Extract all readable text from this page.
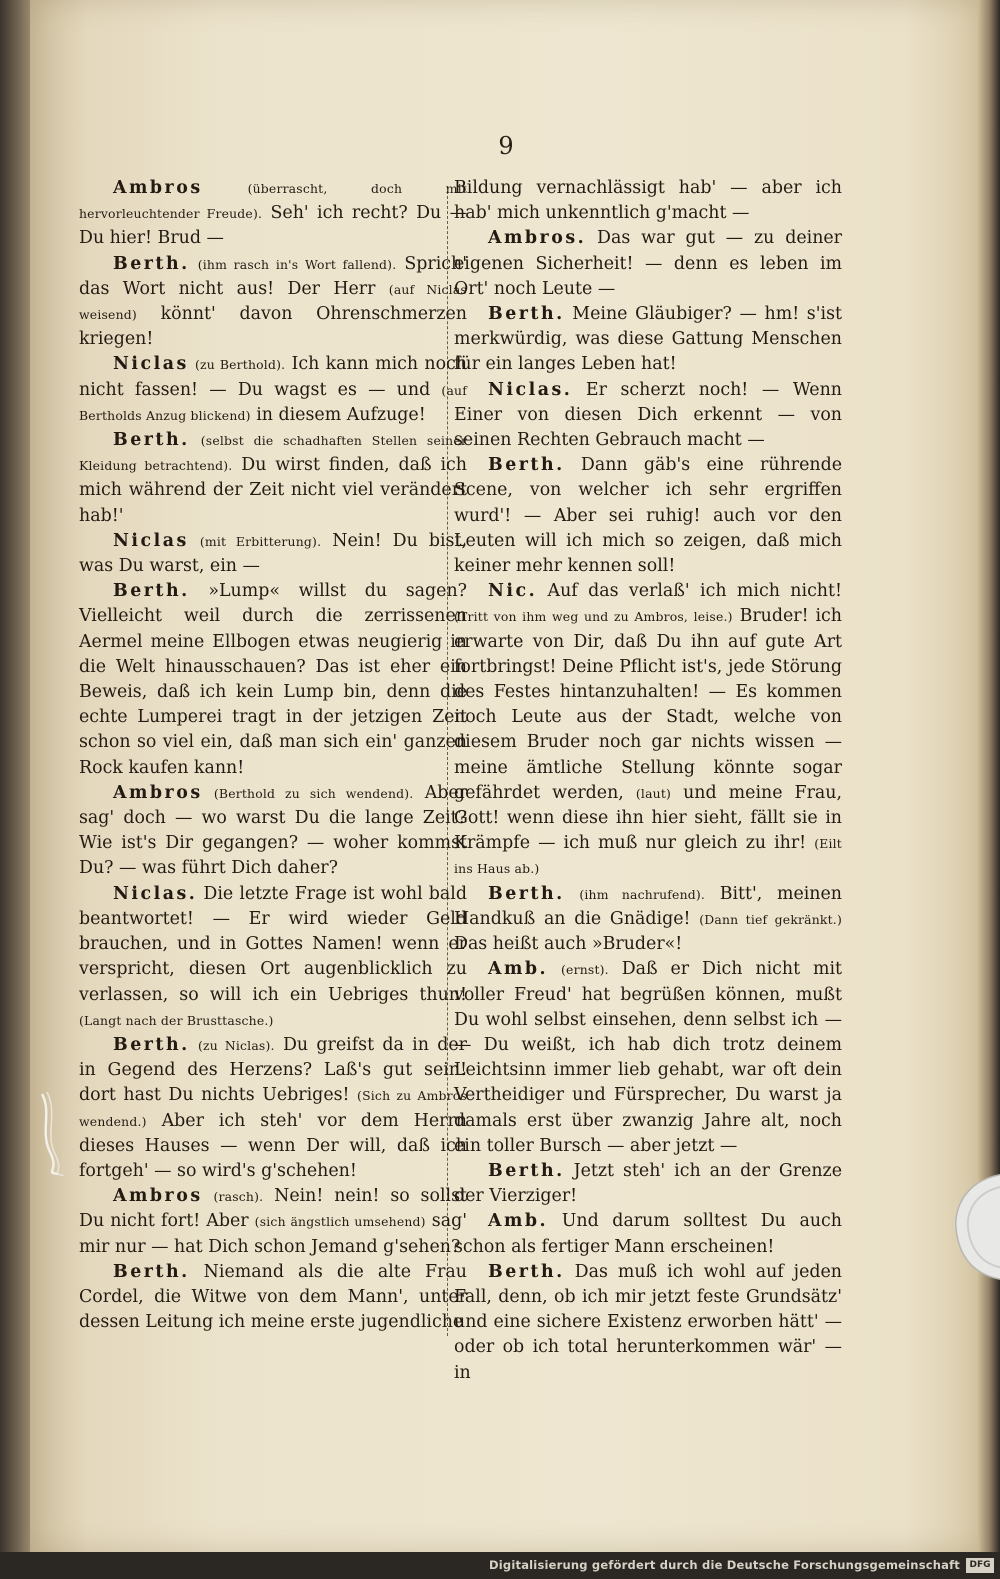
9

Ambros	(überrascht, doch mit hervorleuchtender Freude). Seh' ich recht? Du — Du hier! Brud —

Berth. (ihm rasch in's Wort fallend). Sprich' das Wort nicht aus! Der Herr (auf Niclas weisend) könnt' davon Ohrenschmerzen kriegen!

Niclas (zu Berthold). Ich kann mich noch nicht fassen! — Du wagst es — und (auf Bertholds Anzug blickend) in diesem Aufzuge!

Berth. (selbst die schadhaften Stellen seiner Kleidung betrachtend). Du wirst finden, daß ich mich während der Zeit nicht viel verändert hab!'

Niclas (mit Erbitterung). Nein! Du bist, was Du warst, ein —

Berth. »Lump« willst du sagen? Vielleicht weil durch die zerrissenen Aermel meine Ellbogen etwas neugierig in die Welt hinausschauen? Das ist eher ein Beweis, daß ich kein Lump bin, denn die echte Lumperei tragt in der jetzigen Zeit schon so viel ein, daß man sich ein' ganzen Rock kaufen kann!

Ambros (Berthold zu sich wendend). Aber sag' doch — wo warst Du die lange Zeit? Wie ist's Dir gegangen? — woher kommst Du? — was führt Dich daher?

Niclas. Die letzte Frage ist wohl bald beantwortet! — Er wird wieder Geld brauchen, und in Gottes Namen! wenn er verspricht, diesen Ort augenblicklich zu verlassen, so will ich ein Uebriges thun! (Langt nach der Brusttasche.)

Berth. (zu Niclas). Du greifst da in der in Gegend des Herzens? Laß's gut sein! dort hast Du nichts Uebriges! (Sich zu Ambros wendend.) Aber ich steh' vor dem Herrn dieses Hauses — wenn Der will, daß ich fortgeh' — so wird's g'schehen!

Ambros (rasch). Nein! nein! so sollst Du nicht fort! Aber (sich ängstlich umsehend) sag' mir nur — hat Dich schon Jemand g'sehen?

Berth. Niemand als die alte Frau Cordel, die Witwe von dem Mann', unter dessen Leitung ich meine erste jugendliche

Bildung vernachlässigt hab' — aber ich hab' mich unkenntlich g'macht —

Ambros. Das war gut — zu deiner eigenen Sicherheit! — denn es leben im Ort' noch Leute —

Berth. Meine Gläubiger? — hm! s'ist merkwürdig, was diese Gattung Menschen für ein langes Leben hat!

Niclas. Er scherzt noch! — Wenn Einer von diesen Dich erkennt — von seinen Rechten Gebrauch macht —

Berth. Dann gäb's eine rührende Scene, von welcher ich sehr ergriffen wurd'! — Aber sei ruhig! auch vor den Leuten will ich mich so zeigen, daß mich keiner mehr kennen soll!

Nic. Auf das verlaß' ich mich nicht! (Tritt von ihm weg und zu Ambros, leise.) Bruder! ich erwarte von Dir, daß Du ihn auf gute Art fortbringst! Deine Pflicht ist's, jede Störung des Festes hintanzuhalten! — Es kommen noch Leute aus der Stadt, welche von diesem Bruder noch gar nichts wissen — meine ämtliche Stellung könnte sogar gefährdet werden, (laut) und meine Frau, Gott! wenn diese ihn hier sieht, fällt sie in Krämpfe — ich muß nur gleich zu ihr! (Eilt ins Haus ab.)

Berth. (ihm nachrufend). Bitt', meinen Handkuß an die Gnädige! (Dann tief gekränkt.) Das heißt auch »Bruder«!

Amb. (ernst). Daß er Dich nicht mit voller Freud' hat begrüßen können, mußt Du wohl selbst einsehen, denn selbst ich — — Du weißt, ich hab dich trotz deinem Leichtsinn immer lieb gehabt, war oft dein Vertheidiger und Fürsprecher, Du warst ja damals erst über zwanzig Jahre alt, noch ein toller Bursch — aber jetzt —

Berth. Jetzt steh' ich an der Grenze der Vierziger!

Amb. Und darum solltest Du auch schon als fertiger Mann erscheinen!

Berth. Das muß ich wohl auf jeden Fall, denn, ob ich mir jetzt feste Grundsätz' und eine sichere Existenz erworben hätt' — oder ob ich total herunterkommen wär' — in

Digitalisierung gefördert durch die Deutsche Forschungsgemeinschaft	DFG
